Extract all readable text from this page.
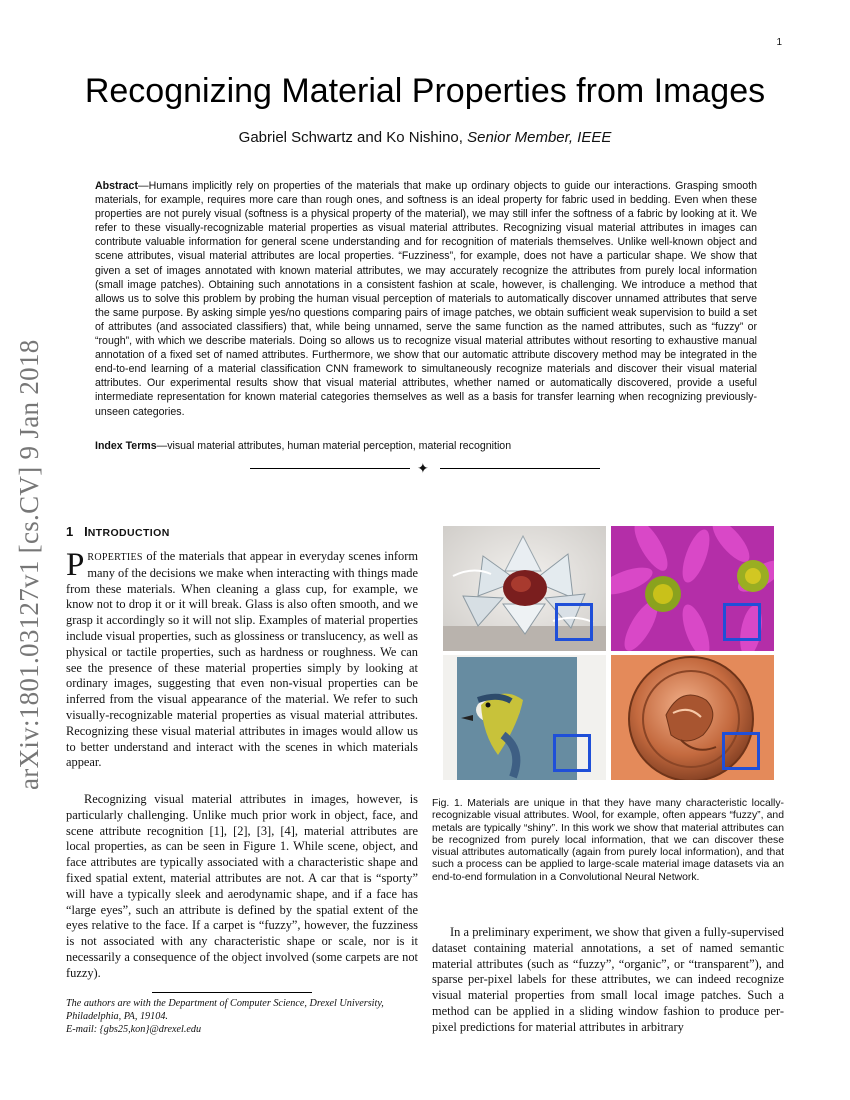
1
arXiv:1801.03127v1 [cs.CV] 9 Jan 2018
Recognizing Material Properties from Images
Gabriel Schwartz and Ko Nishino, Senior Member, IEEE

Abstract—Humans implicitly rely on properties of the materials that make up ordinary objects to guide our interactions. Grasping smooth materials, for example, requires more care than rough ones, and softness is an ideal property for fabric used in bedding. Even when these properties are not purely visual (softness is a physical property of the material), we may still infer the softness of a fabric by looking at it. We refer to these visually-recognizable material properties as visual material attributes. Recognizing visual material attributes in images can contribute valuable information for general scene understanding and for recognition of materials themselves. Unlike well-known object and scene attributes, visual material attributes are local properties. “Fuzziness”, for example, does not have a particular shape. We show that given a set of images annotated with known material attributes, we may accurately recognize the attributes from purely local information (small image patches). Obtaining such annotations in a consistent fashion at scale, however, is challenging. We introduce a method that allows us to solve this problem by probing the human visual perception of materials to automatically discover unnamed attributes that serve the same purpose. By asking simple yes/no questions comparing pairs of image patches, we obtain sufficient weak supervision to build a set of attributes (and associated classifiers) that, while being unnamed, serve the same function as the named attributes, such as “fuzzy” or “rough”, with which we describe materials. Doing so allows us to recognize visual material attributes without resorting to exhaustive manual annotation of a fixed set of named attributes. Furthermore, we show that our automatic attribute discovery method may be integrated in the end-to-end learning of a material classification CNN framework to simultaneously recognize materials and discover their visual material attributes. Our experimental results show that visual material attributes, whether named or automatically discovered, provide a useful intermediate representation for known material categories themselves as well as a basis for transfer learning when recognizing previously-unseen categories.

Index Terms—visual material attributes, human material perception, material recognition

✦
1 INTRODUCTION

PROPERTIES of the materials that appear in everyday scenes inform many of the decisions we make when interacting with things made from these materials. When cleaning a glass cup, for example, we know not to drop it or it will break. Glass is also often smooth, and we grasp it accordingly so it will not slip. Examples of material properties include visual properties, such as glossiness or translucency, as well as physical or tactile properties, such as hardness or roughness. We can see the presence of these material properties simply by looking at ordinary images, suggesting that even non-visual properties can be inferred from the visual appearance of the material. We refer to such visually-recognizable material properties as visual material attributes. Recognizing these visual material attributes in images would allow us to better understand and interact with the scenes in which materials appear.

Recognizing visual material attributes in images, however, is particularly challenging. Unlike much prior work in object, face, and scene attribute recognition [1], [2], [3], [4], material attributes are local properties, as can be seen in Figure 1. While scene, object, and face attributes are typically associated with a characteristic shape and fixed spatial extent, material attributes are not. A car that is “sporty” will have a typically sleek and aerodynamic shape, and if a face has “large eyes”, such an attribute is defined by the spatial extent of the eyes relative to the face. If a carpet is “fuzzy”, however, the fuzziness is not associated with any characteristic shape or scale, nor is it necessarily a consequence of the object involved (some carpets are not fuzzy).

The authors are with the Department of Computer Science, Drexel University, Philadelphia, PA, 19104.
E-mail: {gbs25,kon}@drexel.edu

Fig. 1. Materials are unique in that they have many characteristic locally-recognizable visual attributes. Wool, for example, often appears “fuzzy”, and metals are typically “shiny”. In this work we show that material attributes can be recognized from purely local information, that we can discover these visual attributes automatically (again from purely local information), and that such a process can be applied to large-scale material image datasets via an end-to-end formulation in a Convolutional Neural Network.

In a preliminary experiment, we show that given a fully-supervised dataset containing material annotations, a set of named semantic material attributes (such as “fuzzy”, “organic”, or “transparent”), and sparse per-pixel labels for these attributes, we can indeed recognize visual material properties from small local image patches. Such a method can be applied in a sliding window fashion to produce per-pixel predictions for material attributes in arbitrary
